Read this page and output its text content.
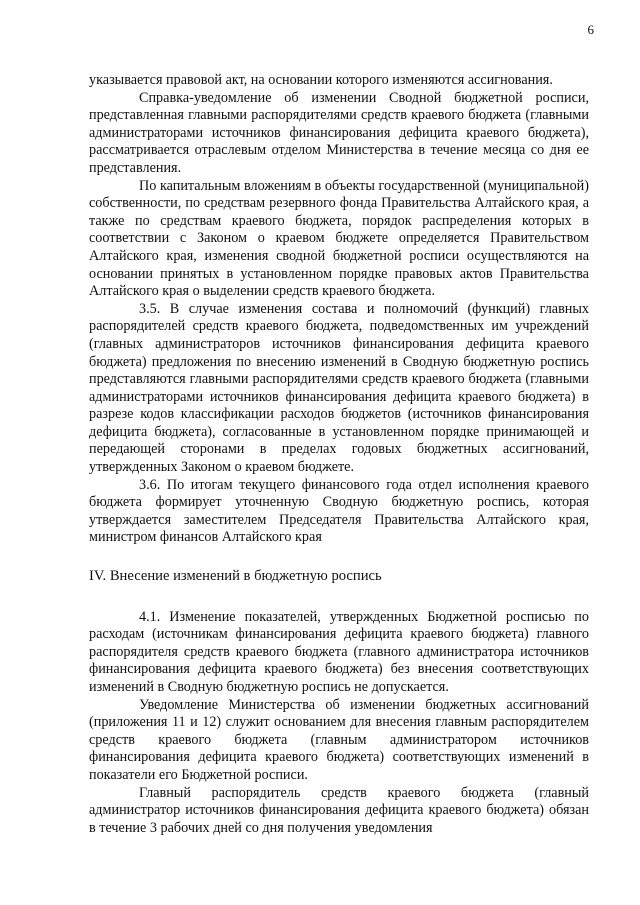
6

указывается правовой акт, на основании которого изменяются ассигнования.

Справка-уведомление об изменении Сводной бюджетной росписи, представленная главными распорядителями средств краевого бюджета (главными администраторами источников финансирования дефицита краевого бюджета), рассматривается отраслевым отделом Министерства в течение месяца со дня ее представления.

По капитальным вложениям в объекты государственной (муниципальной) собственности, по средствам резервного фонда Правительства Алтайского края, а также по средствам краевого бюджета, порядок распределения которых в соответствии с Законом о краевом бюджете определяется Правительством Алтайского края, изменения сводной бюджетной росписи осуществляются на основании принятых в установленном порядке правовых актов Правительства Алтайского края о выделении средств краевого бюджета.

3.5. В случае изменения состава и полномочий (функций) главных распорядителей средств краевого бюджета, подведомственных им учреждений (главных администраторов источников финансирования дефицита краевого бюджета) предложения по внесению изменений в Сводную бюджетную роспись представляются главными распорядителями средств краевого бюджета (главными администраторами источников финансирования дефицита краевого бюджета) в разрезе кодов классификации расходов бюджетов (источников финансирования дефицита бюджета), согласованные в установленном порядке принимающей и передающей сторонами в пределах годовых бюджетных ассигнований, утвержденных Законом о краевом бюджете.

3.6. По итогам текущего финансового года отдел исполнения краевого бюджета формирует уточненную Сводную бюджетную роспись, которая утверждается заместителем Председателя Правительства Алтайского края, министром финансов Алтайского края

IV. Внесение изменений в бюджетную роспись

4.1. Изменение показателей, утвержденных Бюджетной росписью по расходам (источникам финансирования дефицита краевого бюджета) главного распорядителя средств краевого бюджета (главного администратора источников финансирования дефицита краевого бюджета) без внесения соответствующих изменений в Сводную бюджетную роспись не допускается.

Уведомление Министерства об изменении бюджетных ассигнований (приложения 11 и 12) служит основанием для внесения главным распорядителем средств краевого бюджета (главным администратором источников финансирования дефицита краевого бюджета) соответствующих изменений в показатели его Бюджетной росписи.

Главный распорядитель средств краевого бюджета (главный администратор источников финансирования дефицита краевого бюджета) обязан в течение 3 рабочих дней со дня получения уведомления
